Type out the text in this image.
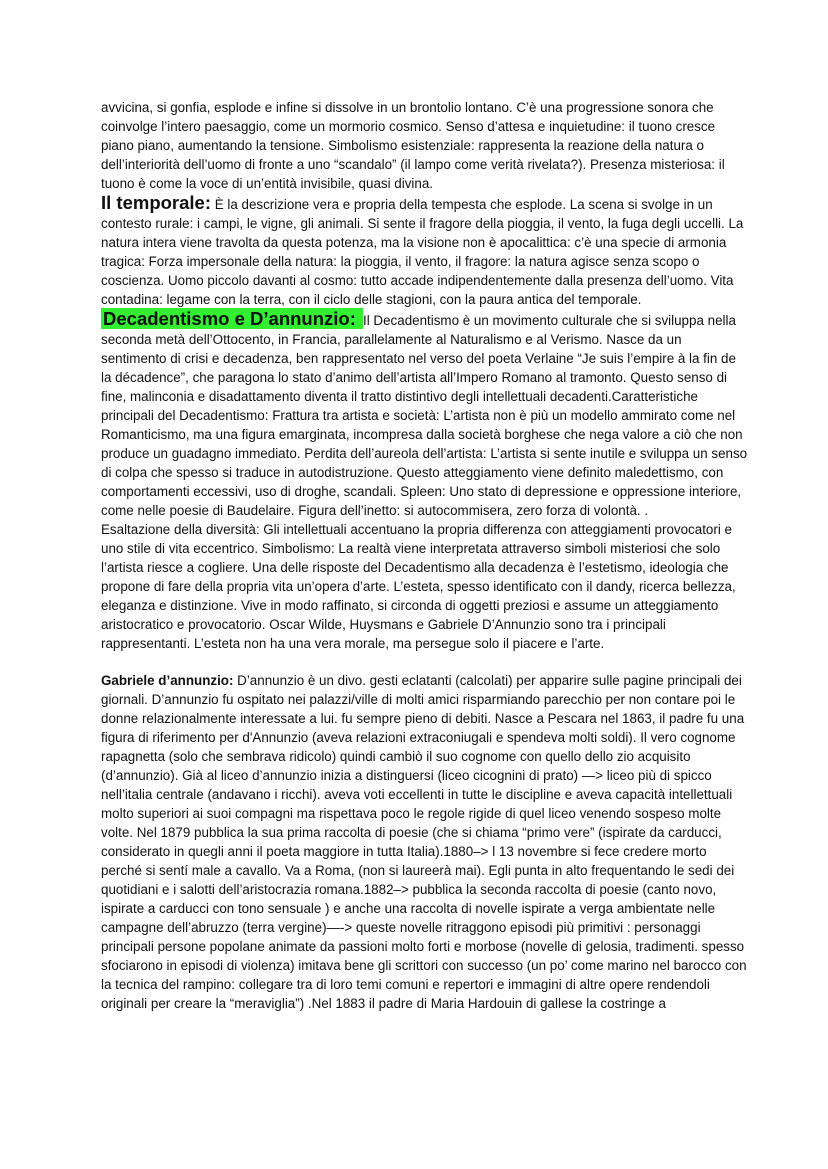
avvicina, si gonfia, esplode e infine si dissolve in un brontolio lontano. C’è una progressione sonora che coinvolge l’intero paesaggio, come un mormorio cosmico. Senso d’attesa e inquietudine: il tuono cresce piano piano, aumentando la tensione. Simbolismo esistenziale: rappresenta la reazione della natura o dell’interiorità dell’uomo di fronte a uno “scandalo” (il lampo come verità rivelata?). Presenza misteriosa: il tuono è come la voce di un’entità invisibile, quasi divina.

Il temporale: È la descrizione vera e propria della tempesta che esplode. La scena si svolge in un contesto rurale: i campi, le vigne, gli animali. Si sente il fragore della pioggia, il vento, la fuga degli uccelli. La natura intera viene travolta da questa potenza, ma la visione non è apocalittica: c’è una specie di armonia tragica: Forza impersonale della natura: la pioggia, il vento, il fragore: la natura agisce senza scopo o coscienza. Uomo piccolo davanti al cosmo: tutto accade indipendentemente dalla presenza dell’uomo. Vita contadina: legame con la terra, con il ciclo delle stagioni, con la paura antica del temporale.

Decadentismo e D’annunzio: Il Decadentismo è un movimento culturale che si sviluppa nella seconda metà dell’Ottocento, in Francia, parallelamente al Naturalismo e al Verismo. Nasce da un sentimento di crisi e decadenza, ben rappresentato nel verso del poeta Verlaine “Je suis l’empire à la fin de la décadence”, che paragona lo stato d’animo dell’artista all’Impero Romano al tramonto. Questo senso di fine, malinconia e disadattamento diventa il tratto distintivo degli intellettuali decadenti.Caratteristiche principali del Decadentismo: Frattura tra artista e società: L’artista non è più un modello ammirato come nel Romanticismo, ma una figura emarginata, incompresa dalla società borghese che nega valore a ciò che non produce un guadagno immediato. Perdita dell’aureola dell’artista: L’artista si sente inutile e sviluppa un senso di colpa che spesso si traduce in autodistruzione. Questo atteggiamento viene definito maledettismo, con comportamenti eccessivi, uso di droghe, scandali. Spleen: Uno stato di depressione e oppressione interiore, come nelle poesie di Baudelaire. Figura dell’inetto: si autocommisera, zero forza di volontà. .

Esaltazione della diversità: Gli intellettuali accentuano la propria differenza con atteggiamenti provocatori e uno stile di vita eccentrico. Simbolismo: La realtà viene interpretata attraverso simboli misteriosi che solo l’artista riesce a cogliere. Una delle risposte del Decadentismo alla decadenza è l’estetismo, ideologia che propone di fare della propria vita un’opera d’arte. L’esteta, spesso identificato con il dandy, ricerca bellezza, eleganza e distinzione. Vive in modo raffinato, si circonda di oggetti preziosi e assume un atteggiamento aristocratico e provocatorio. Oscar Wilde, Huysmans e Gabriele D’Annunzio sono tra i principali rappresentanti. L’esteta non ha una vera morale, ma persegue solo il piacere e l’arte.

Gabriele d’annunzio: D’annunzio è un divo. gesti eclatanti (calcolati) per apparire sulle pagine principali dei giornali. D’annunzio fu ospitato nei palazzi/ville di molti amici risparmiando parecchio per non contare poi le donne relazionalmente interessate a lui. fu sempre pieno di debiti. Nasce a Pescara nel 1863, il padre fu una figura di riferimento per d'Annunzio (aveva relazioni extraconiugali e spendeva molti soldi). Il vero cognome rapagnetta (solo che sembrava ridicolo) quindi cambiò il suo cognome con quello dello zio acquisito (d’annunzio). Già al liceo d’annunzio inizia a distinguersi (liceo cicognini di prato) —> liceo più di spicco nell’italia centrale (andavano i ricchi). aveva voti eccellenti in tutte le discipline e aveva capacità intellettuali molto superiori ai suoi compagni ma rispettava poco le regole rigide di quel liceo venendo sospeso molte volte. Nel 1879 pubblica la sua prima raccolta di poesie (che si chiama “primo vere” (ispirate da carducci, considerato in quegli anni il poeta maggiore in tutta Italia).1880–> l 13 novembre si fece credere morto perché si sentí male a cavallo. Va a Roma, (non si laureerà mai). Egli punta in alto frequentando le sedi dei quotidiani e i salotti dell’aristocrazia romana.1882–> pubblica la seconda raccolta di poesie (canto novo, ispirate a carducci con tono sensuale ) e anche una raccolta di novelle ispirate a verga ambientate nelle campagne dell’abruzzo (terra vergine)—-> queste novelle ritraggono episodi più primitivi : personaggi principali persone popolane animate da passioni molto forti e morbose (novelle di gelosia, tradimenti. spesso sfociarono in episodi di violenza) imitava bene gli scrittori con successo (un po’ come marino nel barocco con la tecnica del rampino: collegare tra di loro temi comuni e repertori e immagini di altre opere rendendoli originali per creare la “meraviglia”) .Nel 1883 il padre di Maria Hardouin di gallese la costringe a
